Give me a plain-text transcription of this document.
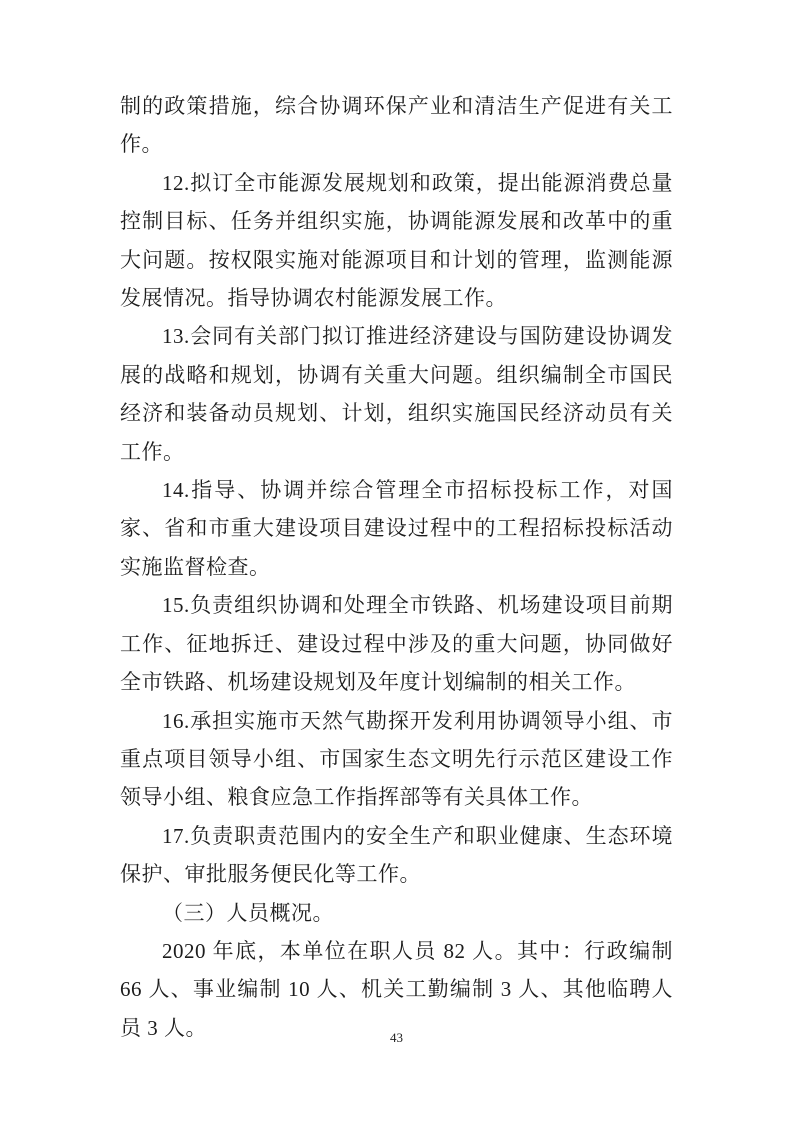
制的政策措施，综合协调环保产业和清洁生产促进有关工作。

12.拟订全市能源发展规划和政策，提出能源消费总量控制目标、任务并组织实施，协调能源发展和改革中的重大问题。按权限实施对能源项目和计划的管理，监测能源发展情况。指导协调农村能源发展工作。

13.会同有关部门拟订推进经济建设与国防建设协调发展的战略和规划，协调有关重大问题。组织编制全市国民经济和装备动员规划、计划，组织实施国民经济动员有关工作。

14.指导、协调并综合管理全市招标投标工作，对国家、省和市重大建设项目建设过程中的工程招标投标活动实施监督检查。

15.负责组织协调和处理全市铁路、机场建设项目前期工作、征地拆迁、建设过程中涉及的重大问题，协同做好全市铁路、机场建设规划及年度计划编制的相关工作。

16.承担实施市天然气勘探开发利用协调领导小组、市重点项目领导小组、市国家生态文明先行示范区建设工作领导小组、粮食应急工作指挥部等有关具体工作。

17.负责职责范围内的安全生产和职业健康、生态环境保护、审批服务便民化等工作。

（三）人员概况。

2020 年底，本单位在职人员 82 人。其中：行政编制 66 人、事业编制 10 人、机关工勤编制 3 人、其他临聘人员 3 人。	43
